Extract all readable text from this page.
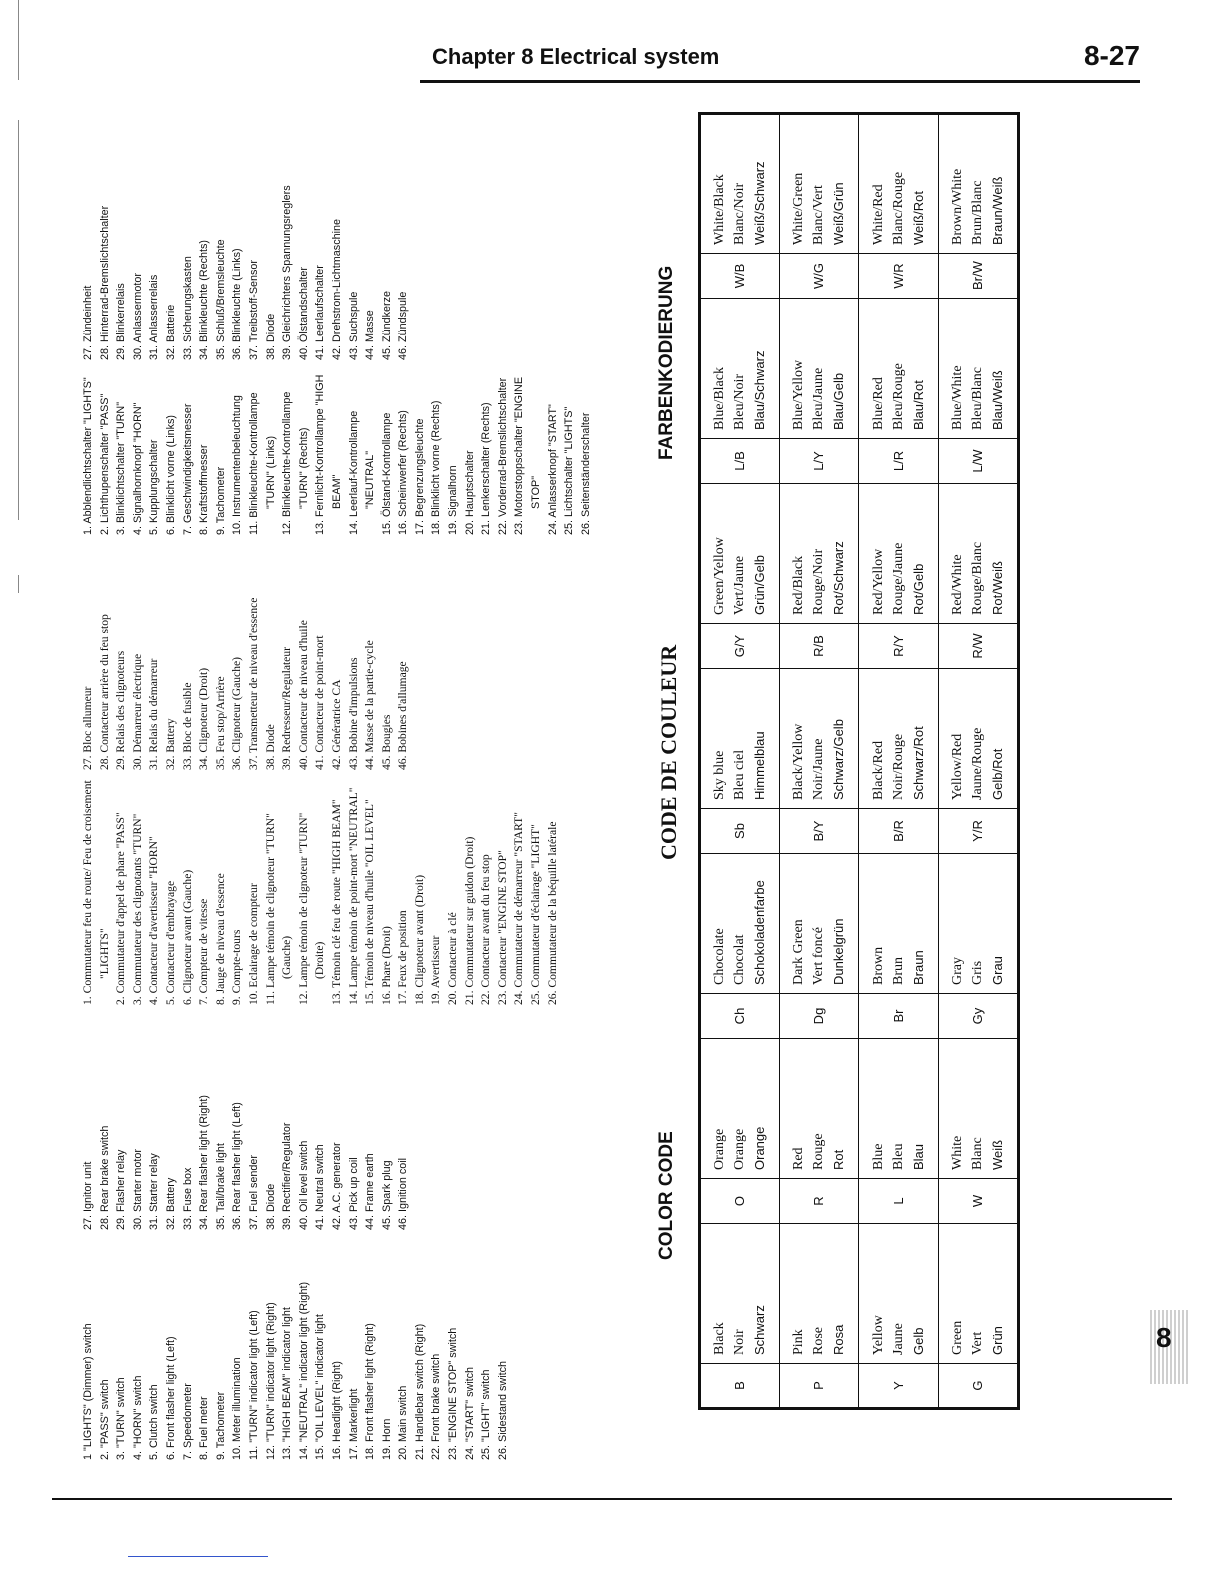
Chapter 8 Electrical system	8-27
1 "LIGHTS" (Dimmer) switch 2. "PASS" switch 3. "TURN" switch 4. "HORN" switch 5. Clutch switch 6. Front flasher light (Left) 7. Speedometer 8. Fuel meter 9. Tachometer 10. Meter illumination 11. "TURN" indicator light (Left) 12. "TURN" indicator light (Right) 13. "HIGH BEAM" indicator light 14. "NEUTRAL" indicator light (Right) 15. "OIL LEVEL" indicator light 16. Headlight (Right) 17. Markerlight 18. Front flasher light (Right) 19. Horn 20. Main switch 21. Handlebar switch (Right) 22. Front brake switch 23. "ENGINE STOP" switch 24. "START" switch 25. "LIGHT" switch 26. Sidestand switch
27. Ignitor unit 28. Rear brake switch 29. Flasher relay 30. Starter motor 31. Starter relay 32. Battery 33. Fuse box 34. Rear flasher light (Right) 35. Tail/brake light 36. Rear flasher light (Left) 37. Fuel sender 38. Diode 39. Rectifier/Regulator 40. Oil level switch 41. Neutral switch 42. A.C. generator 43. Pick up coil 44. Frame earth 45. Spark plug 46. Ignition coil
1. Commutateur feu de route/ Feu de croisement "LIGHTS" 2. Commutateur d'appel de phare "PASS" 3. Commutateur des clignotants "TURN" 4. Contacteur d'avertisseur "HORN" 5. Contacteur d'embrayage 6. Clignoteur avant (Gauche) 7. Compteur de vitesse 8. Jauge de niveau d'essence 9. Compte-tours 10. Eclairage de compteur 11. Lampe témoin de clignoteur "TURN" (Gauche) 12. Lampe témoin de clignoteur "TURN" (Droite) 13. Témoin clé feu de route "HIGH BEAM" 14. Lampe témoin de point-mort "NEUTRAL" 15. Témoin de niveau d'huile "OIL LEVEL" 16. Phare (Droit) 17. Feux de position 18. Clignoteur avant (Droit) 19. Avertisseur 20. Contacteur à clé 21. Commutateur sur guidon (Droit) 22. Contacteur avant du feu stop 23. Contacteur "ENGINE STOP" 24. Commutateur de démarreur "START" 25. Commutateur d'éclairage "LIGHT" 26. Commutateur de la béquille latérale
27. Bloc allumeur 28. Contacteur arrière du feu stop 29. Relais des clignoteurs 30. Démarreur électrique 31. Relais du démarreur 32. Battery 33. Bloc de fusible 34. Clignoteur (Droit) 35. Feu stop/Arrière 36. Clignoteur (Gauche) 37. Transmetteur de niveau d'essence 38. Diode 39. Redresseur/Regulateur 40. Contacteur de niveau d'huile 41. Contacteur de point-mort 42. Génératrice CA 43. Bobine d'impulsions 44. Masse de la partie-cycle 45. Bougies 46. Bobines d'allumage
1. Abblendlichtschalter "LIGHTS" 2. Lichthupenschalter "PASS" 3. Blinklichtschalter "TURN" 4. Signalhornknopf "HORN" 5. Kupplungschalter 6. Blinklicht vorne (Links) 7. Geschwindigkeitsmesser 8. Kraftstoffmesser 9. Tachometer 10. Instrumentenbeleuchtung 11. Blinkleuchte-Kontrollampe "TURN" (Links) 12. Blinkleuchte-Kontrollampe "TURN" (Rechts) 13. Fernlicht-Kontrollampe "HIGH BEAM" 14. Leerlauf-Kontrollampe "NEUTRAL" 15. Ölstand-Kontrollampe 16. Scheinwerfer (Rechts) 17. Begrenzungsleuchte 18. Blinklicht vorne (Rechts) 19. Signalhorn 20. Hauptschalter 21. Lenkerschalter (Rechts) 22. Vorderrad-Bremslichtschalter 23. Motorstoppschalter "ENGINE STOP" 24. Anlasserknopf "START" 25. Lichtschalter "LIGHTS" 26. Seitenständerschalter
27. Zündeinheit 28. Hinterrad-Bremslichtschalter 29. Blinkerrelais 30. Anlassermotor 31. Anlasserrelais 32. Batterie 33. Sicherungskasten 34. Blinkleuchte (Rechts) 35. Schluß/Bremsleuchte 36. Blinkleuchte (Links) 37. Treibstoff-Sensor 38. Diode 39. Gleichrichters Spannungsreglers 40. Ölstandschalter 41. Leerlaufschalter 42. Drehstrom-Lichtmaschine 43. Suchspule 44. Masse 45. Zündkerze 46. Zündspule
COLOR CODE
CODE DE COULEUR
FARBENKODIERUNG
B	Black Noir Schwarz	O	Orange Orange Orange	Ch	Chocolate Chocolat Schokoladenfarbe	Sb	Sky blue Bleu ciel Himmelblau	G/Y	Green/Yellow Vert/Jaune Grün/Gelb	L/B	Blue/Black Bleu/Noir Blau/Schwarz	W/B	White/Black Blanc/Noir Weiß/Schwarz

P	Pink Rose Rosa	R	Red Rouge Rot	Dg	Dark Green Vert foncé Dunkelgrün	B/Y	Black/Yellow Noir/Jaune Schwarz/Gelb	R/B	Red/Black Rouge/Noir Rot/Schwarz	L/Y	Blue/Yellow Bleu/Jaune Blau/Gelb	W/G	White/Green Blanc/Vert Weiß/Grün

Y	Yellow Jaune Gelb	L	Blue Bleu Blau	Br	Brown Brun Braun	B/R	Black/Red Noir/Rouge Schwarz/Rot	R/Y	Red/Yellow Rouge/Jaune Rot/Gelb	L/R	Blue/Red Bleu/Rouge Blau/Rot	W/R	White/Red Blanc/Rouge Weiß/Rot

G	Green Vert Grün	W	White Blanc Weiß	Gy	Gray Gris Grau	Y/R	Yellow/Red Jaune/Rouge Gelb/Rot	R/W	Red/White Rouge/Blanc Rot/Weiß	L/W	Blue/White Bleu/Blanc Blau/Weiß	Br/W	Brown/White Brun/Blanc Braun/Weiß
8
